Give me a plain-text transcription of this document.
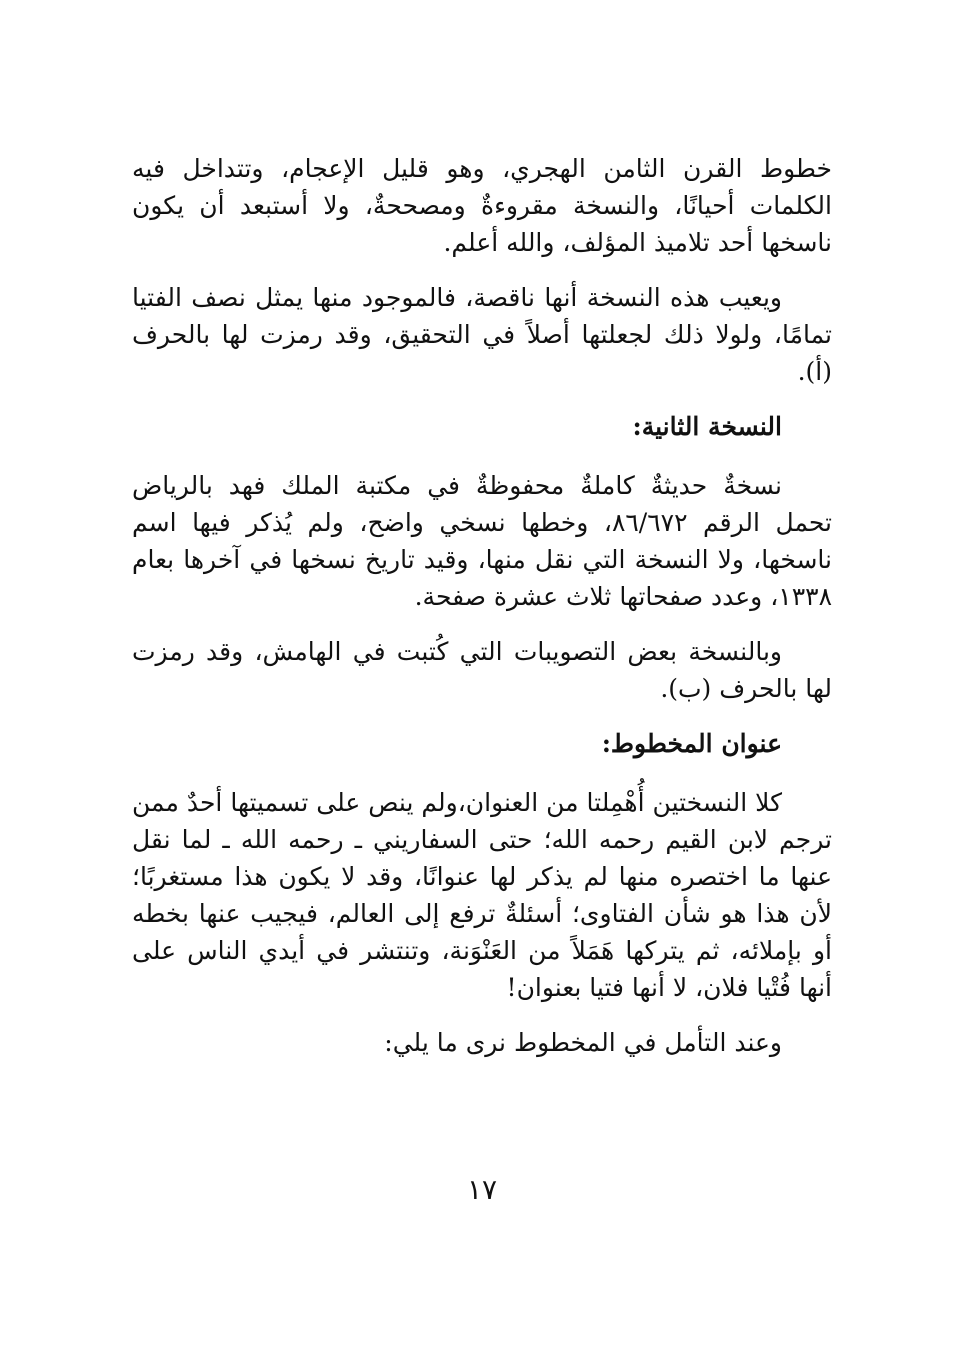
خطوط القرن الثامن الهجري، وهو قليل الإعجام، وتتداخل فيه الكلمات أحيانًا، والنسخة مقروءةٌ ومصححةٌ، ولا أستبعد أن يكون ناسخها أحد تلاميذ المؤلف، والله أعلم.

ويعيب هذه النسخة أنها ناقصة، فالموجود منها يمثل نصف الفتيا تمامًا، ولولا ذلك لجعلتها أصلاً في التحقيق، وقد رمزت لها بالحرف (أ).

النسخة الثانية:

نسخةٌ حديثةٌ كاملةٌ محفوظةٌ في مكتبة الملك فهد بالرياض تحمل الرقم ٨٦/٦٧٢، وخطها نسخي واضح، ولم يُذكر فيها اسم ناسخها، ولا النسخة التي نقل منها، وقيد تاريخ نسخها في آخرها بعام ١٣٣٨، وعدد صفحاتها ثلاث عشرة صفحة.

وبالنسخة بعض التصويبات التي كُتبت في الهامش، وقد رمزت لها بالحرف (ب).

عنوان المخطوط:

كلا النسختين أُهْمِلتا من العنوان،ولم ينص على تسميتها أحدٌ ممن ترجم لابن القيم رحمه الله؛ حتى السفاريني ـ رحمه الله ـ لما نقل عنها ما اختصره منها لم يذكر لها عنوانًا، وقد لا يكون هذا مستغربًا؛ لأن هذا هو شأن الفتاوى؛ أسئلةٌ ترفع إلى العالم، فيجيب عنها بخطه أو بإملائه، ثم يتركها هَمَلاً من العَنْوَنة، وتنتشر في أيدي الناس على أنها فُتْيا فلان، لا أنها فتيا بعنوان!

وعند التأمل في المخطوط نرى ما يلي:

١٧
